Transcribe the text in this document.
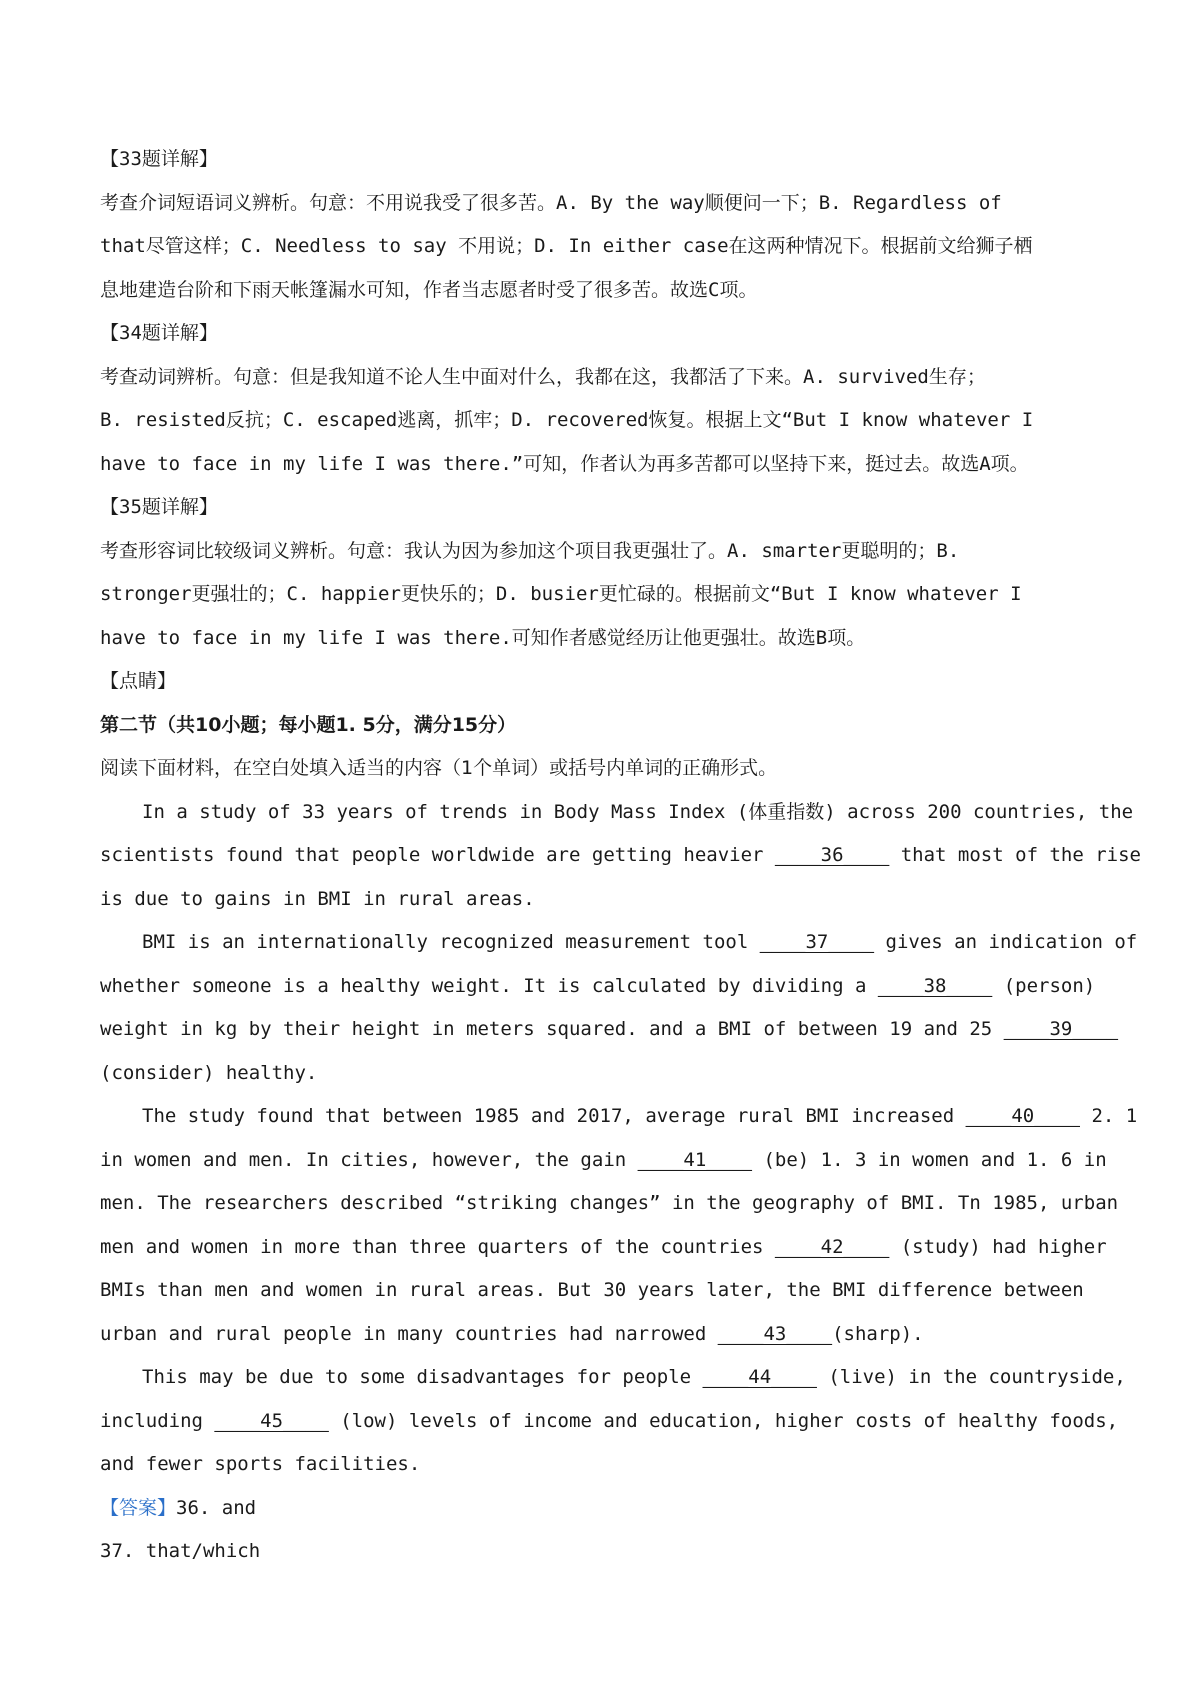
【33题详解】

考查介词短语词义辨析。句意：不用说我受了很多苦。A. By the way顺便问一下；B. Regardless of

that尽管这样；C. Needless to say 不用说；D. In either case在这两种情况下。根据前文给狮子栖

息地建造台阶和下雨天帐篷漏水可知，作者当志愿者时受了很多苦。故选C项。

【34题详解】

考查动词辨析。句意：但是我知道不论人生中面对什么，我都在这，我都活了下来。A. survived生存；

B. resisted反抗；C. escaped逃离，抓牢；D. recovered恢复。根据上文“But I know whatever I

have to face in my life I was there.”可知，作者认为再多苦都可以坚持下来，挺过去。故选A项。

【35题详解】

考查形容词比较级词义辨析。句意：我认为因为参加这个项目我更强壮了。A. smarter更聪明的；B.

stronger更强壮的；C. happier更快乐的；D. busier更忙碌的。根据前文“But I know whatever I

have to face in my life I was there.可知作者感觉经历让他更强壮。故选B项。

【点睛】

第二节（共10小题；每小题1. 5分，满分15分）

阅读下面材料，在空白处填入适当的内容（1个单词）或括号内单词的正确形式。

In a study of 33 years of trends in Body Mass Index (体重指数) across 200 countries, the

scientists found that people worldwide are getting heavier ____36____ that most of the rise

is due to gains in BMI in rural areas.

BMI is an internationally recognized measurement tool ____37____ gives an indication of

whether someone is a healthy weight. It is calculated by dividing a ____38____ (person)

weight in kg by their height in meters squared. and a BMI of between 19 and 25 ____39____

(consider) healthy.

The study found that between 1985 and 2017, average rural BMI increased ____40____ 2. 1

in women and men. In cities, however, the gain ____41____ (be) 1. 3 in women and 1. 6 in

men. The researchers described “striking changes” in the geography of BMI. Tn 1985, urban

men and women in more than three quarters of the countries ____42____ (study) had higher

BMIs than men and women in rural areas. But 30 years later, the BMI difference between

urban and rural people in many countries had narrowed ____43____(sharp).

This may be due to some disadvantages for people ____44____ (live) in the countryside,

including ____45____ (low) levels of income and education, higher costs of healthy foods,

and fewer sports facilities.

【答案】36. and

37. that/which
